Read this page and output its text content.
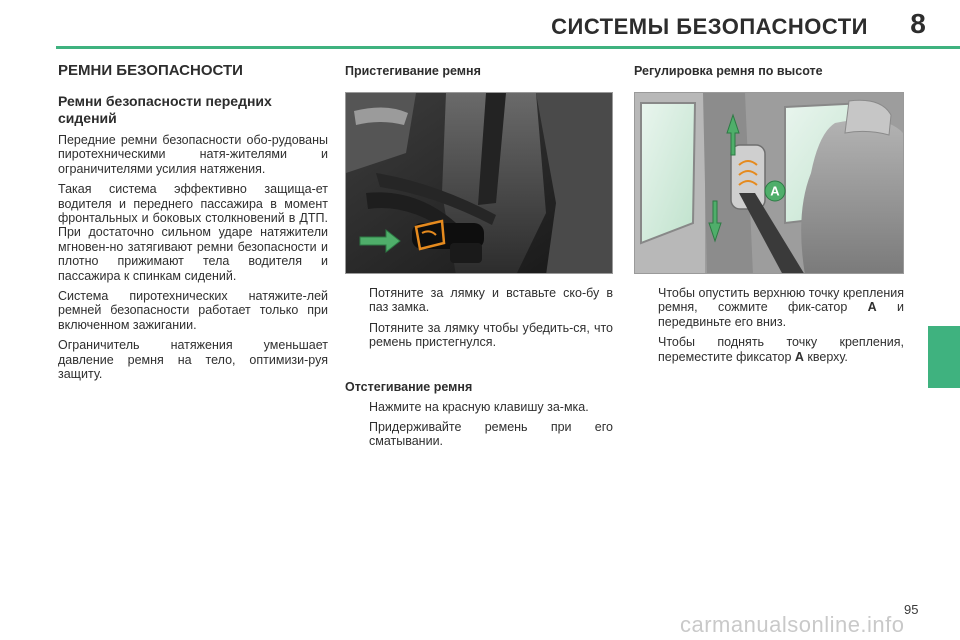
СИСТЕМЫ БЕЗОПАСНОСТИ	8
РЕМНИ БЕЗОПАСНОСТИ
Ремни безопасности передних сидений

Передние ремни безопасности обо-рудованы пиротехническими натя-жителями и ограничителями усилия натяжения.

Такая система эффективно защища-ет водителя и переднего пассажира в момент фронтальных и боковых столкновений в ДТП. При достаточно сильном ударе натяжители мгновен-но затягивают ремни безопасности и плотно прижимают тела водителя и пассажира к спинкам сидений.

Система пиротехнических натяжите-лей ремней безопасности работает только при включенном зажигании.

Ограничитель натяжения уменьшает давление ремня на тело, оптимизи-руя защиту.

Пристегивание ремня
Потяните за лямку и вставьте ско-бу в паз замка.
Потяните за лямку чтобы убедить-ся, что ремень пристегнулся.
Отстегивание ремня
Нажмите на красную клавишу за-мка.
Придерживайте ремень при его сматывании.
Регулировка ремня по высоте
A
Чтобы опустить верхнюю точку крепления ремня, сожмите фик-сатор A и передвиньте его вниз.
Чтобы поднять точку крепления, переместите фиксатор A кверху.
95
carmanualsonline.info
